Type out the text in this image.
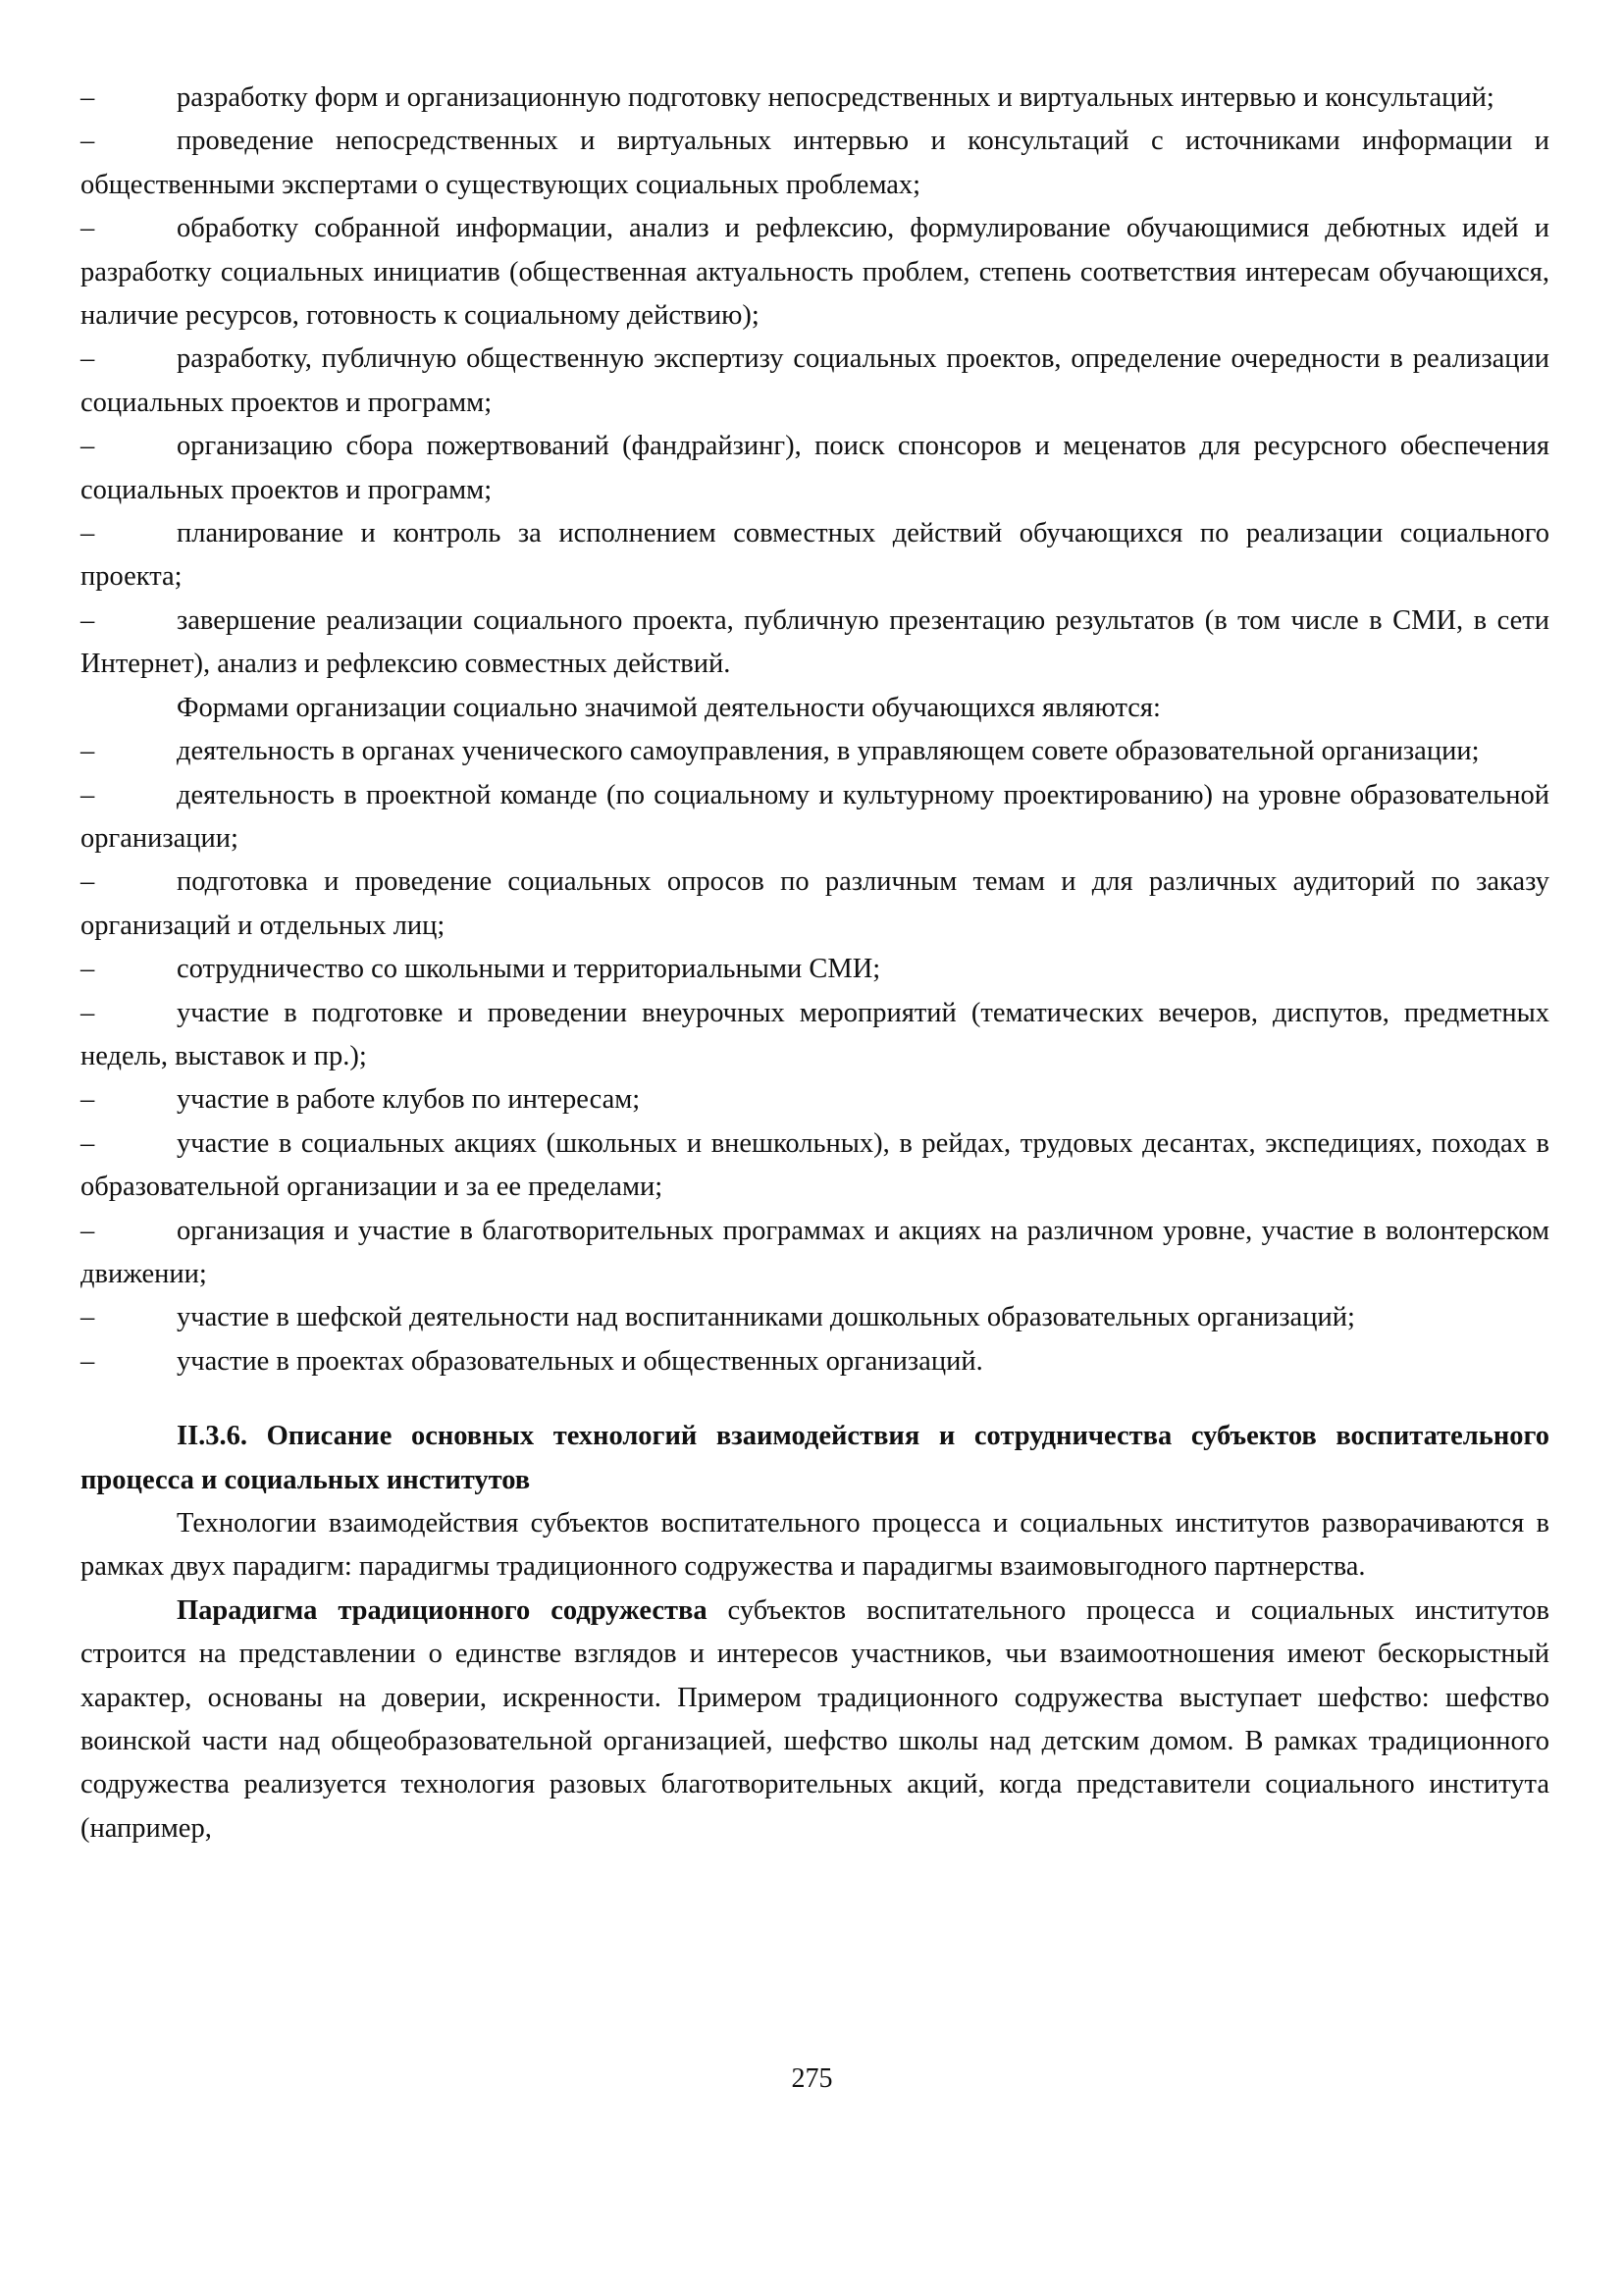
–	разработку форм и организационную подготовку непосредственных и виртуальных интервью и консультаций;

–	проведение непосредственных и виртуальных интервью и консультаций с источниками информации и общественными экспертами о существующих социальных проблемах;

–	обработку собранной информации, анализ и рефлексию, формулирование обучающимися дебютных идей и разработку социальных инициатив (общественная актуальность проблем, степень соответствия интересам обучающихся, наличие ресурсов, готовность к социальному действию);

–	разработку, публичную общественную экспертизу социальных проектов, определение очередности в реализации социальных проектов и программ;

–	организацию сбора пожертвований (фандрайзинг), поиск спонсоров и меценатов для ресурсного обеспечения социальных проектов и программ;

–	планирование и контроль за исполнением совместных действий обучающихся по реализации социального проекта;

–	завершение реализации социального проекта, публичную презентацию результатов (в том числе в СМИ, в сети Интернет), анализ и рефлексию совместных действий.

Формами организации социально значимой деятельности обучающихся являются:

–	деятельность в органах ученического самоуправления, в управляющем совете образовательной организации;

–	деятельность в проектной команде (по социальному и культурному проектированию) на уровне образовательной организации;

–	подготовка и проведение социальных опросов по различным темам и для различных аудиторий по заказу организаций и отдельных лиц;

–	сотрудничество со школьными и территориальными СМИ;

–	участие в подготовке и проведении внеурочных мероприятий (тематических вечеров, диспутов, предметных недель, выставок и пр.);

–	участие в работе клубов по интересам;

–	участие в социальных акциях (школьных и внешкольных), в рейдах, трудовых десантах, экспедициях, походах в образовательной организации и за ее пределами;

–	организация и участие в благотворительных программах и акциях на различном уровне, участие в волонтерском движении;

–	участие в шефской деятельности над воспитанниками дошкольных образовательных организаций;

–	участие в проектах образовательных и общественных организаций.

II.3.6. Описание основных технологий взаимодействия и сотрудничества субъектов воспитательного процесса и социальных институтов

Технологии взаимодействия субъектов воспитательного процесса и социальных институтов разворачиваются в рамках двух парадигм: парадигмы традиционного содружества и парадигмы взаимовыгодного партнерства.

Парадигма традиционного содружества субъектов воспитательного процесса и социальных институтов строится на представлении о единстве взглядов и интересов участников, чьи взаимоотношения имеют бескорыстный характер, основаны на доверии, искренности. Примером традиционного содружества выступает шефство: шефство воинской части над общеобразовательной организацией, шефство школы над детским домом. В рамках традиционного содружества реализуется технология разовых благотворительных акций, когда представители социального института (например,

275
